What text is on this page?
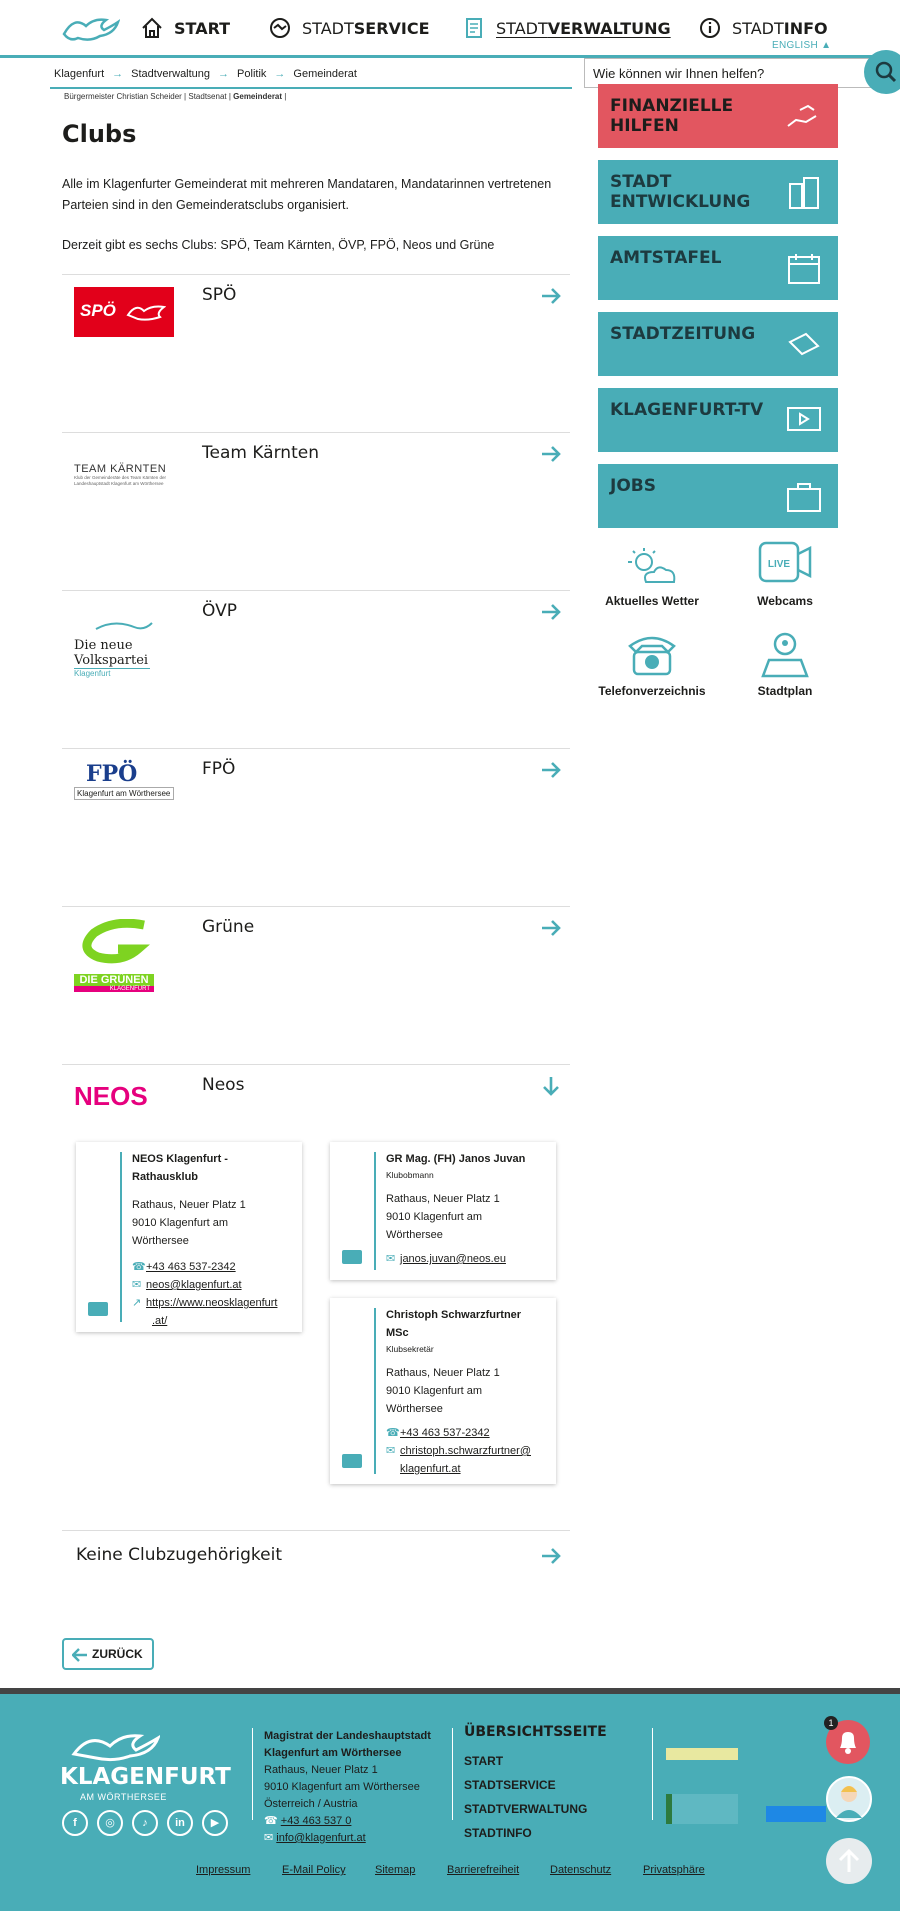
START	STADTSERVICE	STADTVERWALTUNG	STADTINFO
ENGLISH ▲
Wie können wir Ihnen helfen?
Klagenfurt → Stadtverwaltung → Politik → Gemeinderat
Bürgermeister Christian Scheider | Stadtsenat | Gemeinderat |
Clubs

Alle im Klagenfurter Gemeinderat mit mehreren Mandataren, Mandatarinnen vertretenen Parteien sind in den Gemeinderatsclubs organisiert.

Derzeit gibt es sechs Clubs: SPÖ, Team Kärnten, ÖVP, FPÖ, Neos und Grüne

SPÖ
SPÖ
TEAM KÄRNTEN
Klub der Gemeinderäte des Team Kärnten der Landeshauptstadt Klagenfurt am Wörthersee
Team Kärnten
Die neue Volkspartei
Klagenfurt
ÖVP
FPÖ
Klagenfurt am Wörthersee
FPÖ
DIE GRÜNEN
KLAGENFURT
Grüne
NEOS	Neos
NEOS Klagenfurt - Rathausklub
Rathaus, Neuer Platz 1
9010 Klagenfurt am
Wörthersee
☎+43 463 537-2342
✉ neos@klagenfurt.at
↗ https://www.neosklagenfurt
.at/
GR Mag. (FH) Janos Juvan
Klubobmann
Rathaus, Neuer Platz 1
9010 Klagenfurt am
Wörthersee
✉ janos.juvan@neos.eu
Christoph Schwarzfurtner
MSc
Klubsekretär
Rathaus, Neuer Platz 1
9010 Klagenfurt am
Wörthersee
☎+43 463 537-2342
✉ christoph.schwarzfurtner@
klagenfurt.at
Keine Clubzugehörigkeit
ZURÜCK
FINANZIELLE
HILFEN
STADT
ENTWICKLUNG
AMTSTAFEL
STADTZEITUNG
KLAGENFURT-TV
JOBS
Aktuelles Wetter
LIVE
Webcams
Telefonverzeichnis	Stadtplan
KLAGENFURT
AM WÖRTHERSEE
f	◎	♪	in	▶
Magistrat der Landeshauptstadt
Klagenfurt am Wörthersee
Rathaus, Neuer Platz 1
9010 Klagenfurt am Wörthersee
Österreich / Austria
☎ +43 463 537 0
✉ info@klagenfurt.at
ÜBERSICHTSSEITE
START
STADTSERVICE
STADTVERWALTUNG
STADTINFO
Impressum	E-Mail Policy	Sitemap	Barrierefreiheit	Datenschutz	Privatsphäre
1
